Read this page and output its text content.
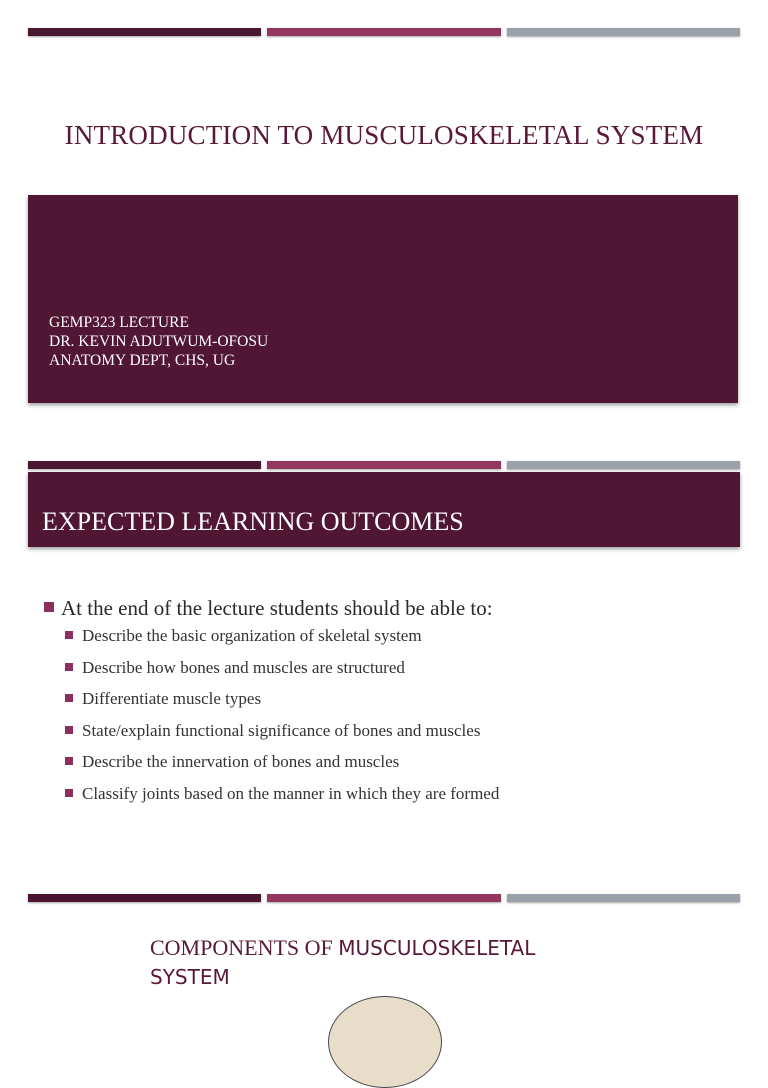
INTRODUCTION TO MUSCULOSKELETAL SYSTEM
GEMP323 LECTURE
DR. KEVIN ADUTWUM-OFOSU
ANATOMY DEPT, CHS, UG
EXPECTED LEARNING OUTCOMES
At the end of the lecture students should be able to:
Describe the basic organization of skeletal system
Describe how bones and muscles are structured
Differentiate muscle types
State/explain functional significance of bones and muscles
Describe the innervation of bones and muscles
Classify joints based on the manner in which they are formed
COMPONENTS OF MUSCULOSKELETAL
SYSTEM
